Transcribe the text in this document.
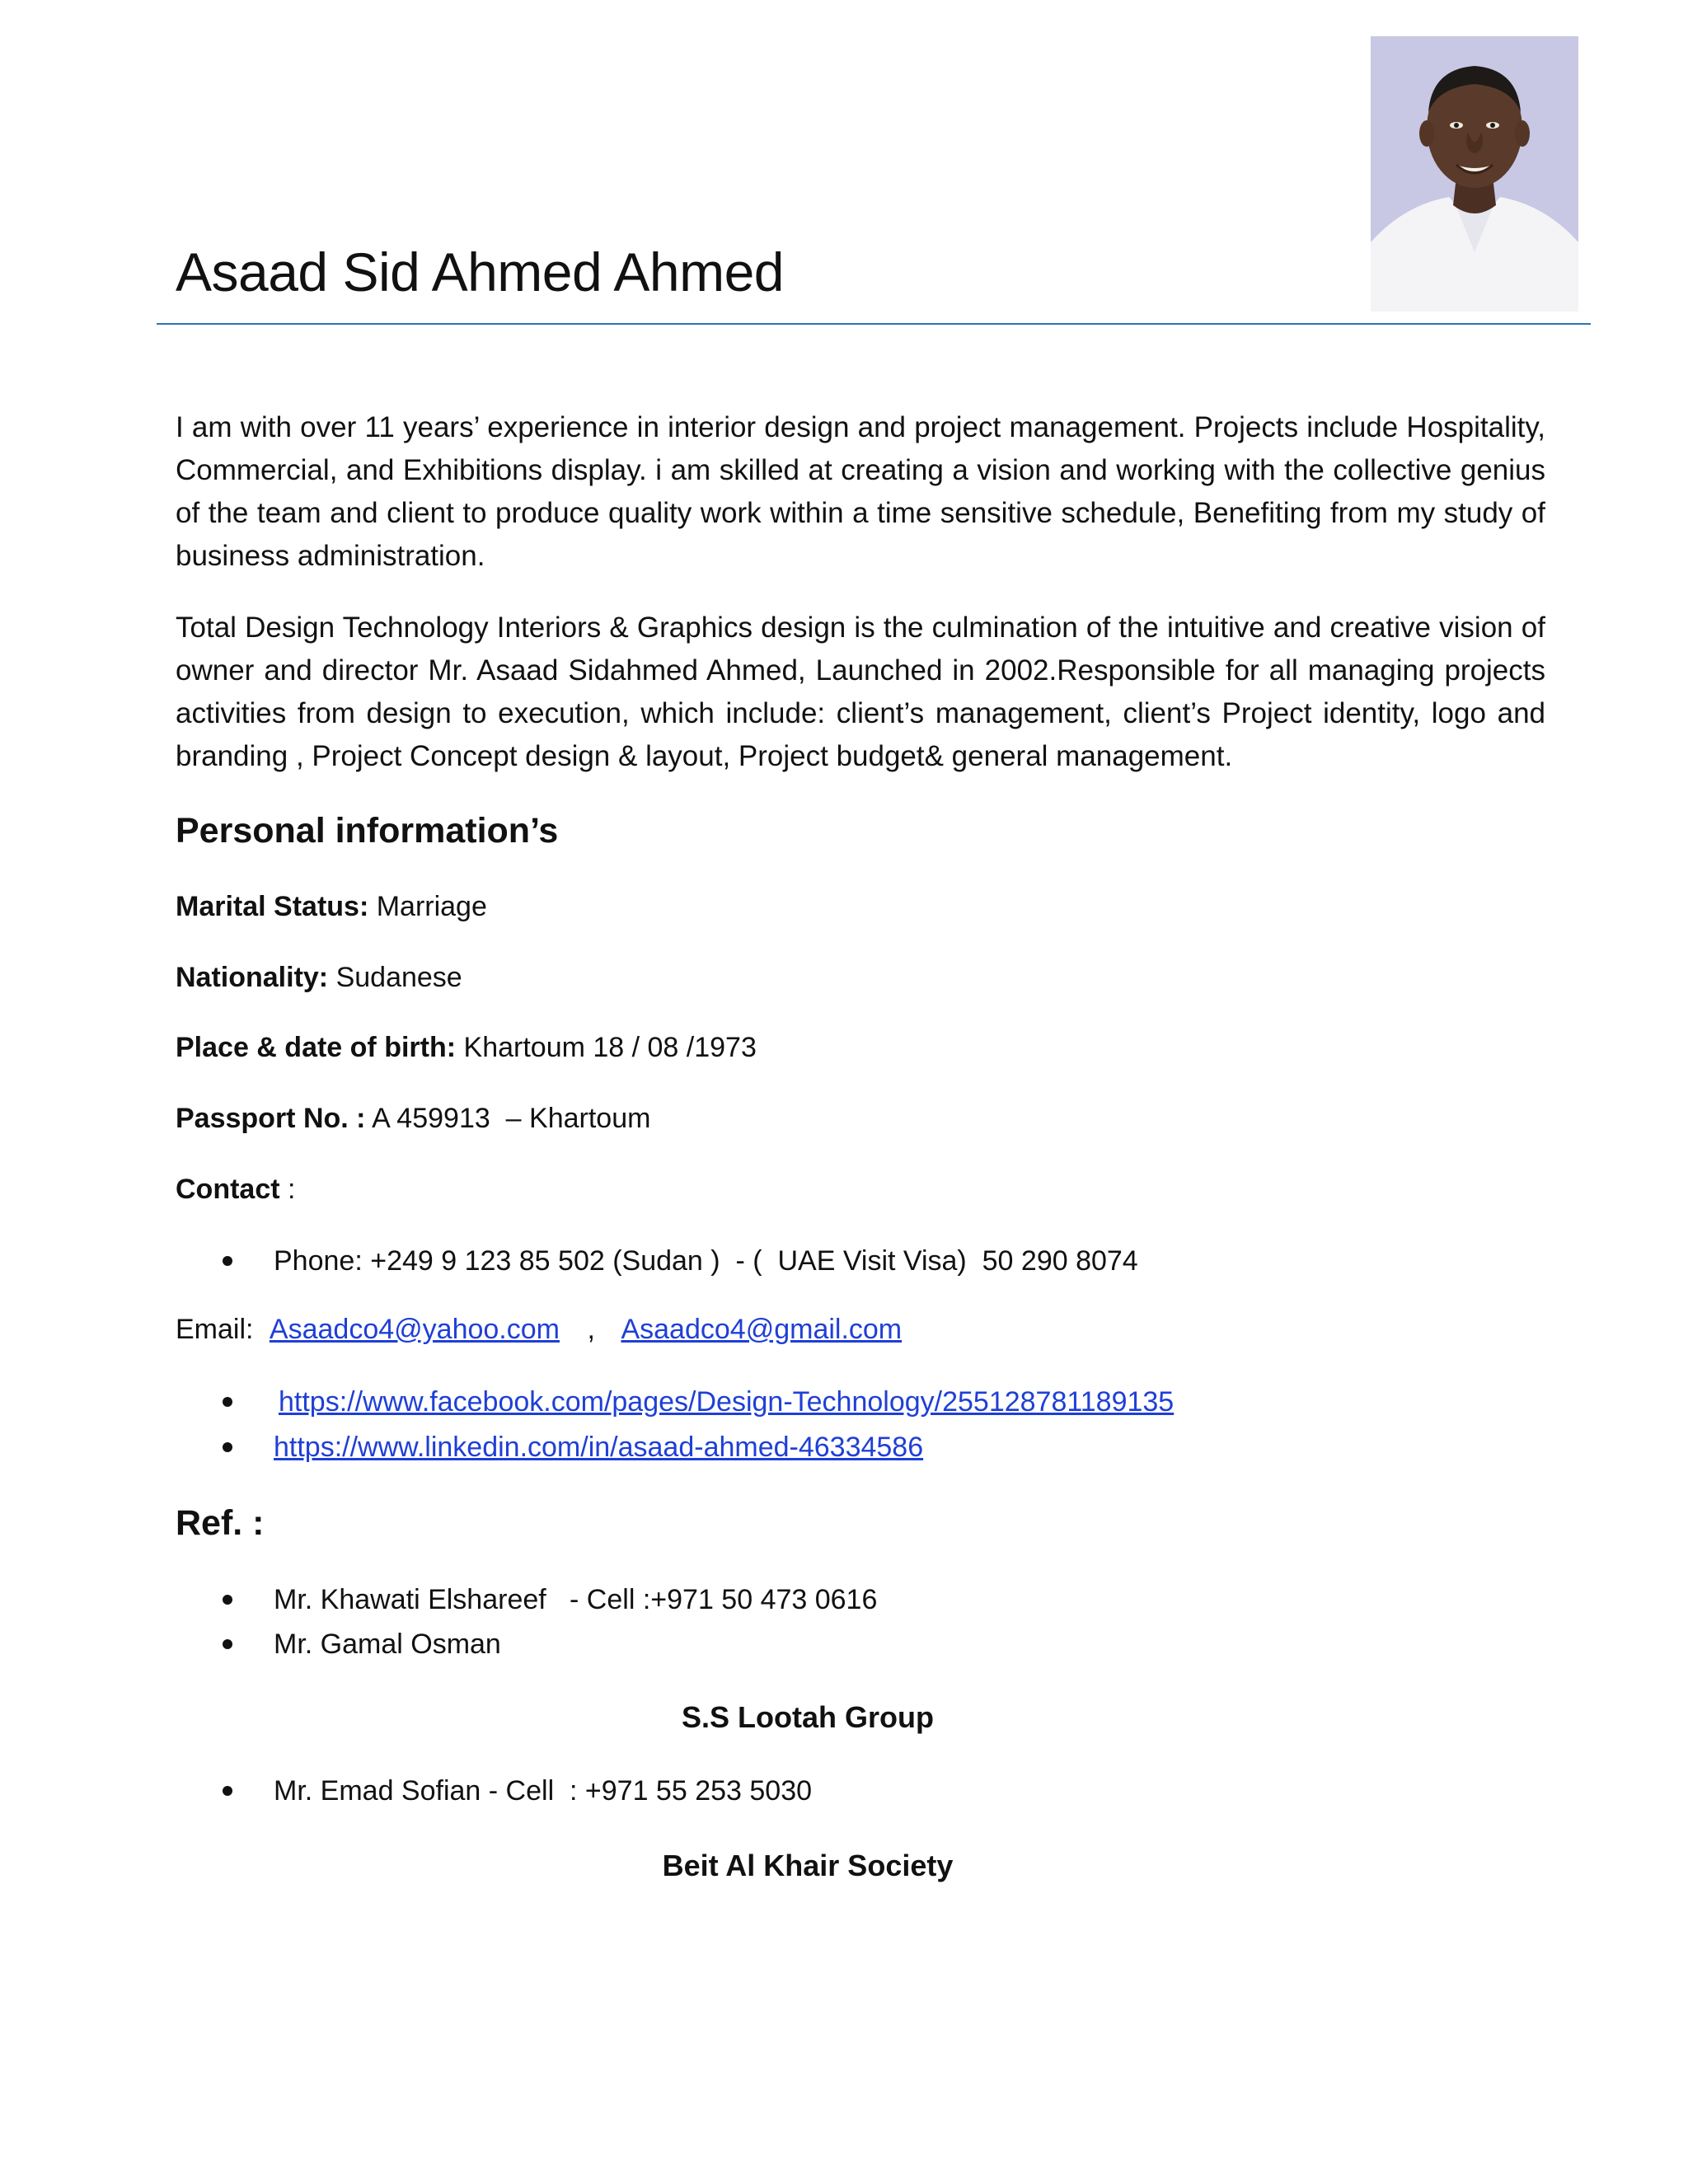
Asaad Sid Ahmed Ahmed

I am with over 11 years’ experience in interior design and project management. Projects include Hospitality, Commercial, and Exhibitions display. i am skilled at creating a vision and working with the collective genius of the team and client to produce quality work within a time sensitive schedule, Benefiting from my study of business administration.

Total Design Technology Interiors & Graphics design is the culmination of the intuitive and creative vision of owner and director Mr. Asaad Sidahmed Ahmed, Launched in 2002.Responsible for all managing projects activities from design to execution, which include: client’s management, client’s Project identity, logo and branding , Project Concept design & layout, Project budget& general management.

Personal information’s

Marital Status: Marriage

Nationality: Sudanese

Place & date of birth: Khartoum 18 / 08 /1973

Passport No. : A 459913  – Khartoum

Contact :

Phone: +249 9 123 85 502 (Sudan )  - (  UAE Visit Visa)  50 290 8074

Email: Asaadco4@yahoo.com , Asaadco4@gmail.com

https://www.facebook.com/pages/Design-Technology/255128781189135
https://www.linkedin.com/in/asaad-ahmed-46334586
Ref. :
Mr. Khawati Elshareef   - Cell :+971 50 473 0616
Mr. Gamal Osman

S.S Lootah Group

Mr. Emad Sofian - Cell  : +971 55 253 5030

Beit Al Khair Society
